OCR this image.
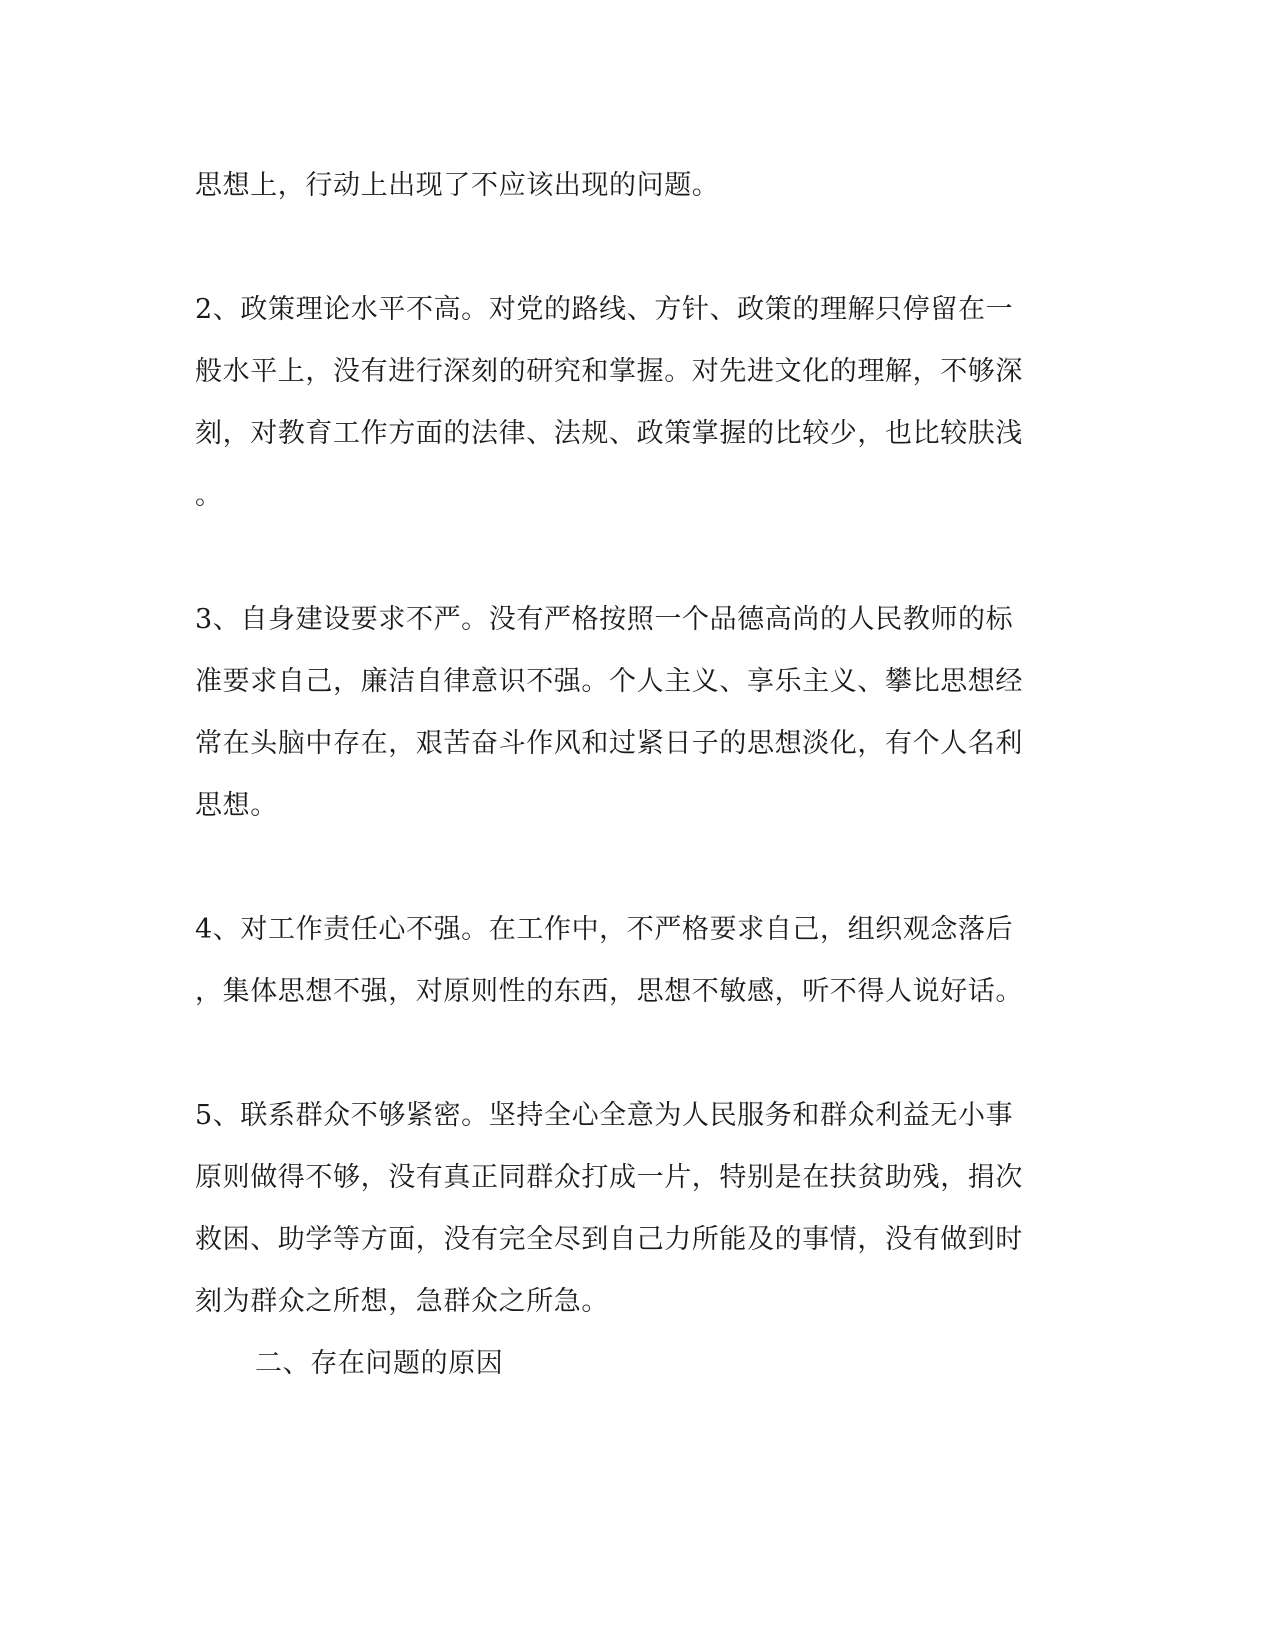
思想上，行动上出现了不应该出现的问题。
2、政策理论水平不高。对党的路线、方针、政策的理解只停留在一
般水平上，没有进行深刻的研究和掌握。对先进文化的理解，不够深
刻，对教育工作方面的法律、法规、政策掌握的比较少，也比较肤浅
。
3、自身建设要求不严。没有严格按照一个品德高尚的人民教师的标
准要求自己，廉洁自律意识不强。个人主义、享乐主义、攀比思想经
常在头脑中存在，艰苦奋斗作风和过紧日子的思想淡化，有个人名利
思想。
4、对工作责任心不强。在工作中，不严格要求自己，组织观念落后
，集体思想不强，对原则性的东西，思想不敏感，听不得人说好话。
5、联系群众不够紧密。坚持全心全意为人民服务和群众利益无小事
原则做得不够，没有真正同群众打成一片，特别是在扶贫助残，捐次
救困、助学等方面，没有完全尽到自己力所能及的事情，没有做到时
刻为群众之所想，急群众之所急。
二、存在问题的原因
